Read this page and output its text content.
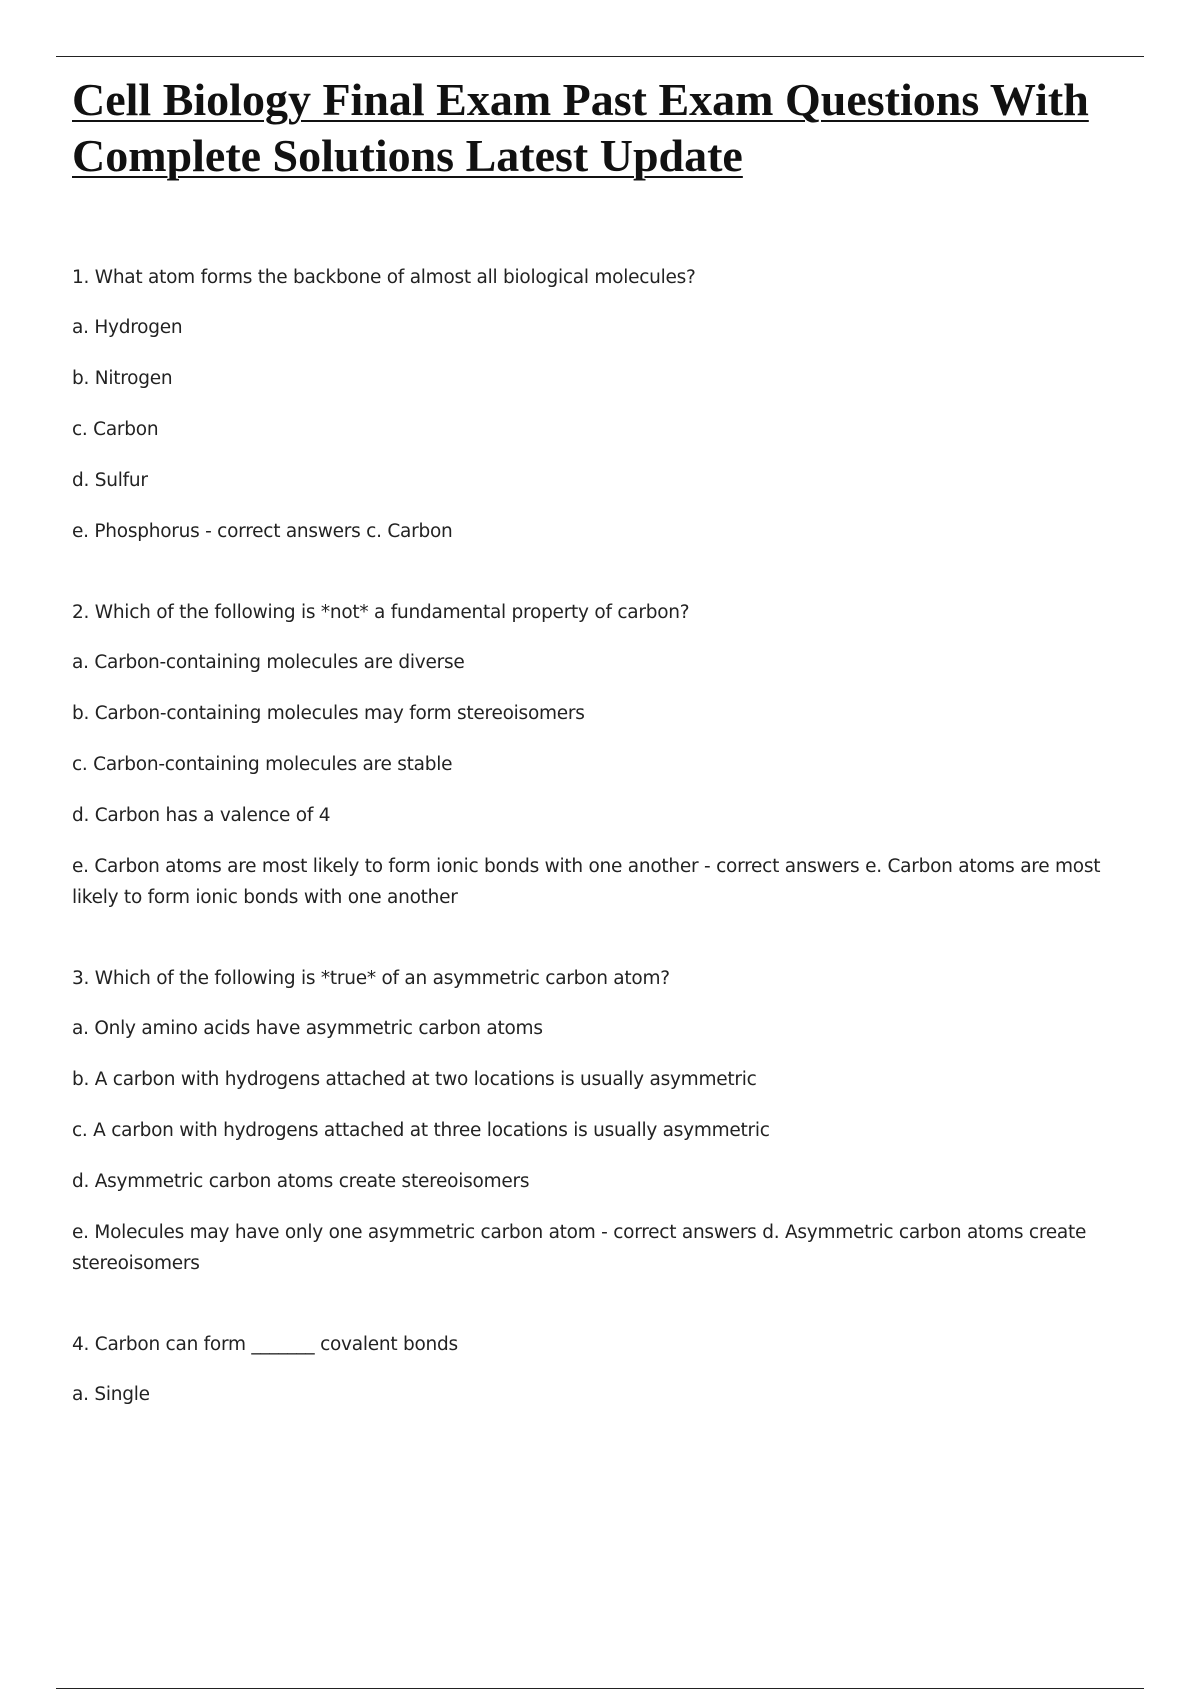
Cell Biology Final Exam Past Exam Questions With Complete Solutions Latest Update
1. What atom forms the backbone of almost all biological molecules?
a. Hydrogen
b. Nitrogen
c. Carbon
d. Sulfur
e. Phosphorus - correct answers c. Carbon
2. Which of the following is *not* a fundamental property of carbon?
a. Carbon-containing molecules are diverse
b. Carbon-containing molecules may form stereoisomers
c. Carbon-containing molecules are stable
d. Carbon has a valence of 4
e. Carbon atoms are most likely to form ionic bonds with one another - correct answers e. Carbon atoms are most likely to form ionic bonds with one another
3. Which of the following is *true* of an asymmetric carbon atom?
a. Only amino acids have asymmetric carbon atoms
b. A carbon with hydrogens attached at two locations is usually asymmetric
c. A carbon with hydrogens attached at three locations is usually asymmetric
d. Asymmetric carbon atoms create stereoisomers
e. Molecules may have only one asymmetric carbon atom - correct answers d. Asymmetric carbon atoms create stereoisomers
4. Carbon can form _______ covalent bonds
a. Single
